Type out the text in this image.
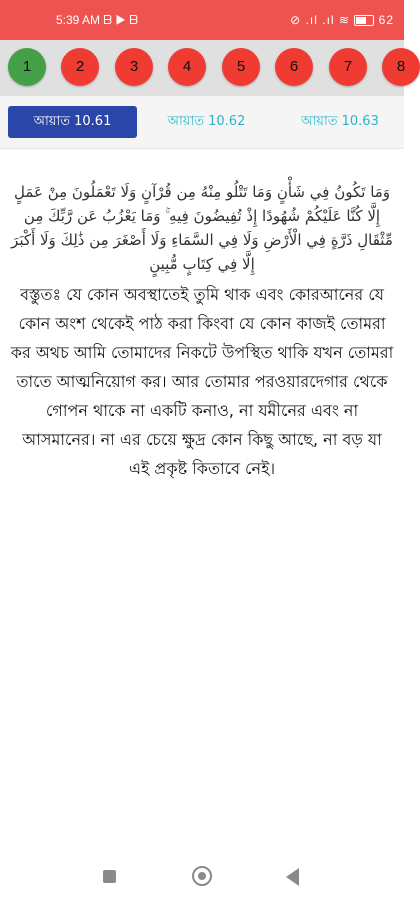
5:39 AM ᗷ ▶ ᗷ	⊘ .ıl .ıl ≋ 62
1	2	3	4	5	6	7	8
আয়াত 10.61	আয়াত 10.62	আয়াত 10.63
وَمَا تَكُونُ فِي شَأْنٍ وَمَا تَتْلُو مِنْهُ مِن قُرْآنٍ وَلَا تَعْمَلُونَ مِنْ عَمَلٍ إِلَّا كُنَّا عَلَيْكُمْ شُهُودًا إِذْ تُفِيضُونَ فِيهِ ۚ وَمَا يَعْزُبُ عَن رَّبِّكَ مِن مِّثْقَالِ ذَرَّةٍ فِي الْأَرْضِ وَلَا فِي السَّمَاءِ وَلَا أَصْغَرَ مِن ذَٰلِكَ وَلَا أَكْبَرَ إِلَّا فِي كِتَابٍ مُّبِينٍ
বস্তুতঃ যে কোন অবস্থাতেই তুমি থাক এবং কোরআনের যে কোন অংশ থেকেই পাঠ করা কিংবা যে কোন কাজই তোমরা কর অথচ আমি তোমাদের নিকটে উপস্থিত থাকি যখন তোমরা তাতে আত্মনিয়োগ কর। আর তোমার পরওয়ারদেগার থেকে গোপন থাকে না একটি কনাও, না যমীনের এবং না আসমানের। না এর চেয়ে ক্ষুদ্র কোন কিছু আছে, না বড় যা এই প্রকৃষ্ট কিতাবে নেই।
